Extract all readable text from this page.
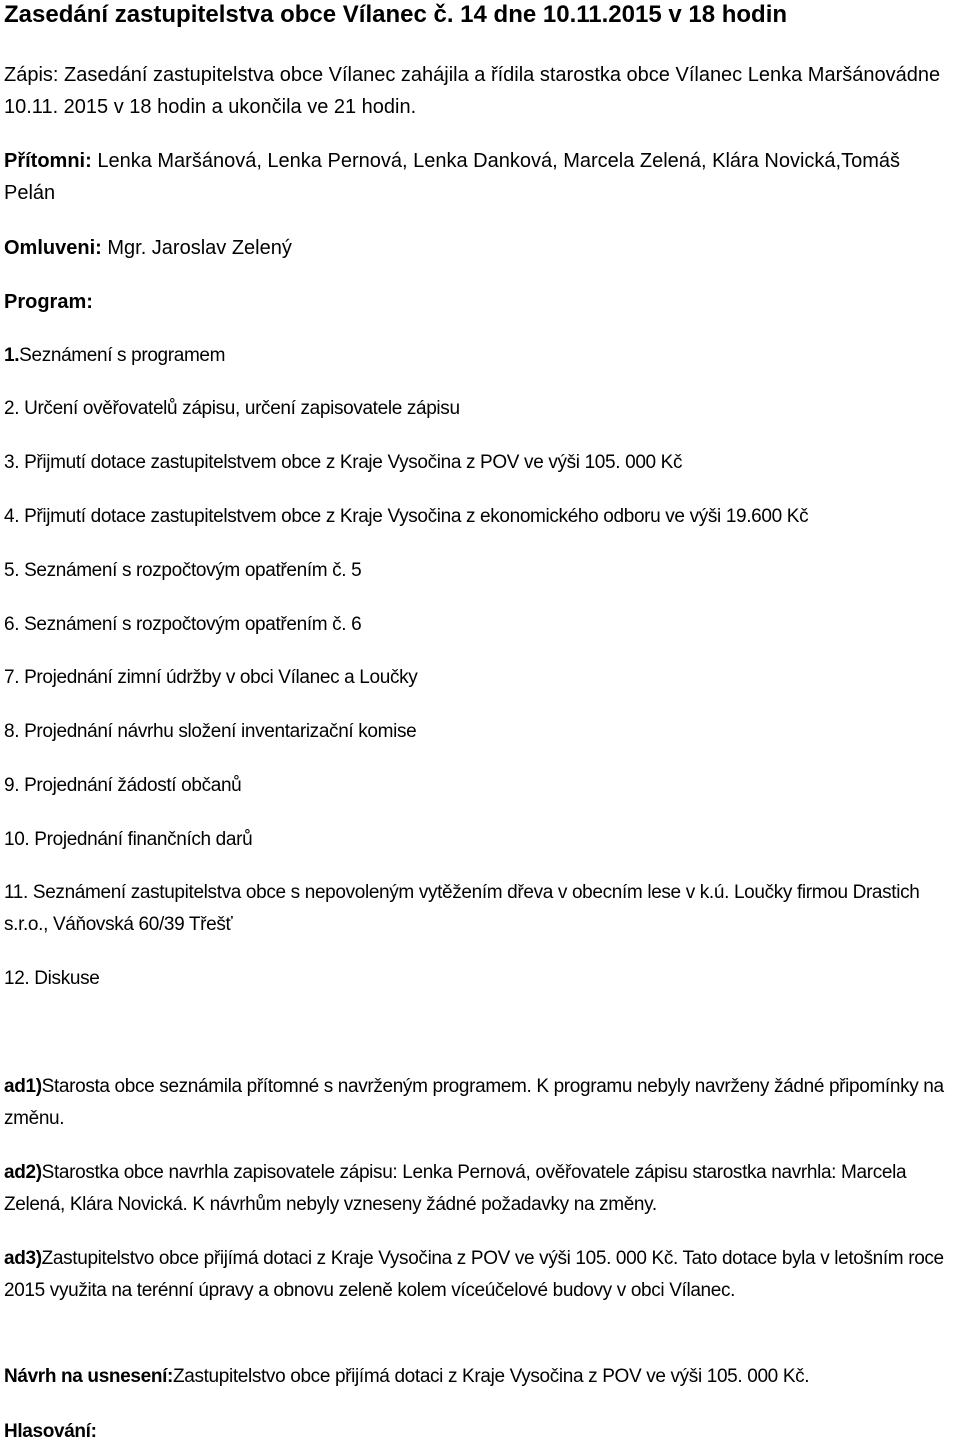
Zasedání zastupitelstva obce Vílanec č. 14 dne 10.11.2015 v 18 hodin
Zápis: Zasedání zastupitelstva obce Vílanec zahájila a řídila starostka obce Vílanec Lenka Maršánovádne 10.11. 2015 v 18 hodin a ukončila ve 21 hodin.
Přítomni: Lenka Maršánová, Lenka Pernová, Lenka Danková, Marcela Zelená, Klára Novická,Tomáš Pelán
Omluveni: Mgr. Jaroslav Zelený
Program:
1.Seznámení s programem
2. Určení ověřovatelů zápisu, určení zapisovatele zápisu
3. Přijmutí dotace zastupitelstvem obce z Kraje Vysočina z POV ve výši 105. 000 Kč
4. Přijmutí dotace zastupitelstvem obce z Kraje Vysočina z ekonomického odboru ve výši 19.600 Kč
5. Seznámení s rozpočtovým opatřením č. 5
6. Seznámení s rozpočtovým opatřením č. 6
7. Projednání zimní údržby v obci Vílanec a Loučky
8. Projednání návrhu složení inventarizační komise
9. Projednání žádostí občanů
10. Projednání finančních darů
11. Seznámení zastupitelstva obce s nepovoleným vytěžením dřeva v obecním lese v k.ú. Loučky firmou Drastich s.r.o., Váňovská 60/39 Třešť
12. Diskuse
ad1)Starosta obce seznámila přítomné s navrženým programem. K programu nebyly navrženy žádné připomínky na změnu.
ad2)Starostka obce navrhla zapisovatele zápisu: Lenka Pernová, ověřovatele zápisu starostka navrhla: Marcela Zelená, Klára Novická. K návrhům nebyly vzneseny žádné požadavky na změny.
ad3)Zastupitelstvo obce přijímá dotaci z Kraje Vysočina z POV ve výši 105. 000 Kč. Tato dotace byla v letošním roce 2015 využita na terénní úpravy a obnovu zeleně kolem víceúčelové budovy v obci Vílanec.
Návrh na usnesení:Zastupitelstvo obce přijímá dotaci z Kraje Vysočina z POV ve výši 105. 000 Kč.
Hlasování:
